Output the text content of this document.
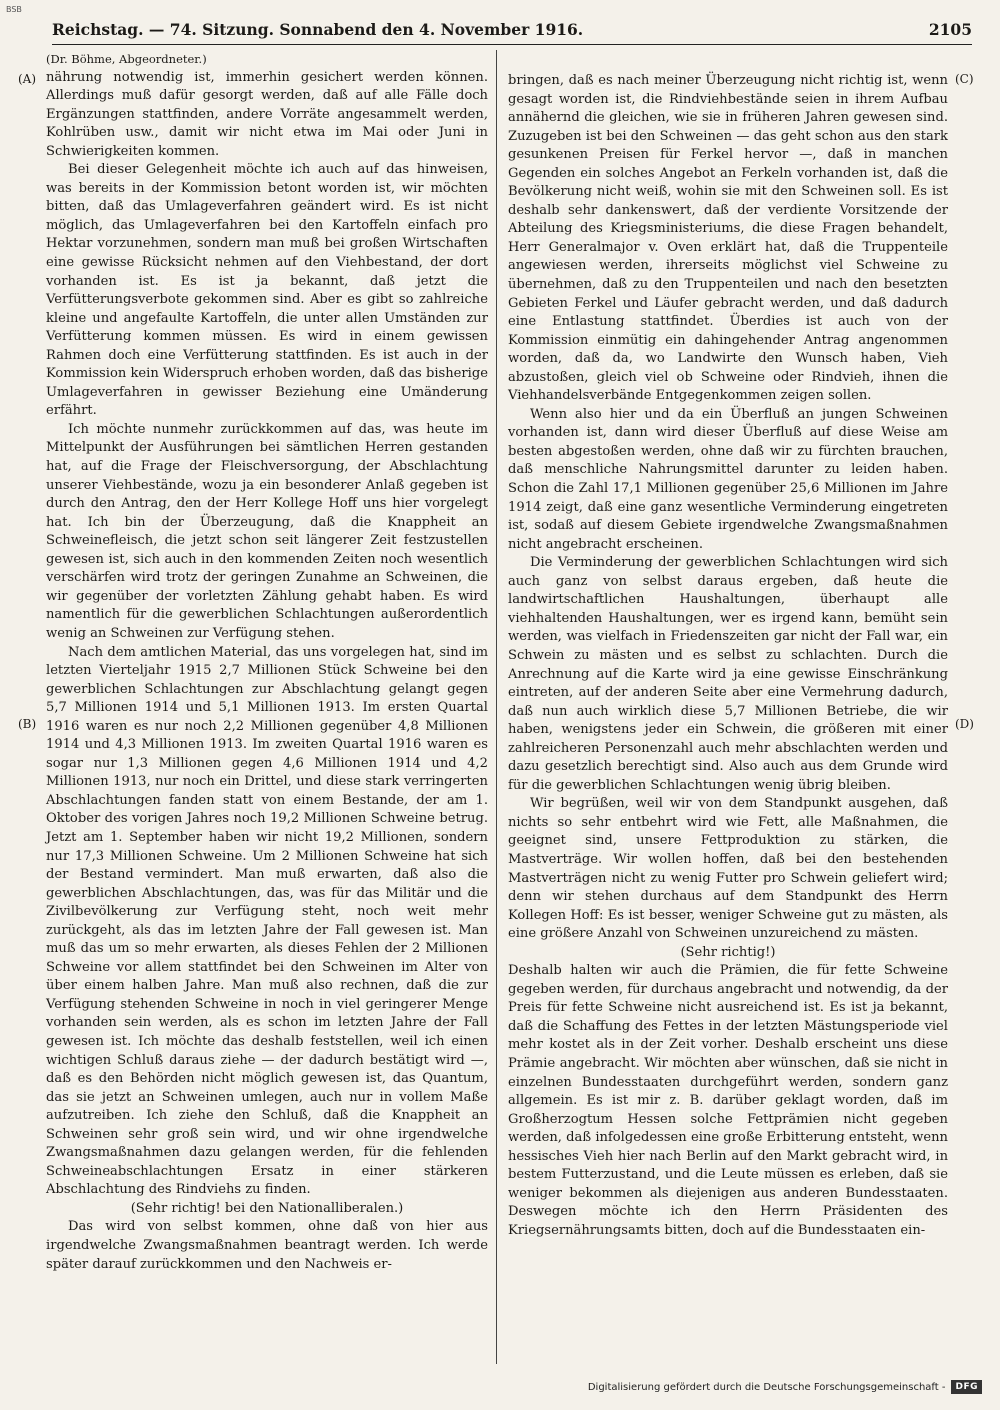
BSB
Reichstag. — 74. Sitzung. Sonnabend den 4. November 1916.	2105
(A)
(B)
(C)
(D)

(Dr. Böhme, Abgeordneter.)

nährung notwendig ist, immerhin gesichert werden können. Allerdings muß dafür gesorgt werden, daß auf alle Fälle doch Ergänzungen stattfinden, andere Vorräte angesammelt werden, Kohlrüben usw., damit wir nicht etwa im Mai oder Juni in Schwierigkeiten kommen.

Bei dieser Gelegenheit möchte ich auch auf das hinweisen, was bereits in der Kommission betont worden ist, wir möchten bitten, daß das Umlageverfahren geändert wird. Es ist nicht möglich, das Umlageverfahren bei den Kartoffeln einfach pro Hektar vorzunehmen, sondern man muß bei großen Wirtschaften eine gewisse Rücksicht nehmen auf den Viehbestand, der dort vorhanden ist. Es ist ja bekannt, daß jetzt die Verfütterungsverbote gekommen sind. Aber es gibt so zahlreiche kleine und angefaulte Kartoffeln, die unter allen Umständen zur Verfütterung kommen müssen. Es wird in einem gewissen Rahmen doch eine Verfütterung stattfinden. Es ist auch in der Kommission kein Widerspruch erhoben worden, daß das bisherige Umlageverfahren in gewisser Beziehung eine Umänderung erfährt.

Ich möchte nunmehr zurückkommen auf das, was heute im Mittelpunkt der Ausführungen bei sämtlichen Herren gestanden hat, auf die Frage der Fleischversorgung, der Abschlachtung unserer Viehbestände, wozu ja ein besonderer Anlaß gegeben ist durch den Antrag, den der Herr Kollege Hoff uns hier vorgelegt hat. Ich bin der Überzeugung, daß die Knappheit an Schweinefleisch, die jetzt schon seit längerer Zeit festzustellen gewesen ist, sich auch in den kommenden Zeiten noch wesentlich verschärfen wird trotz der geringen Zunahme an Schweinen, die wir gegenüber der vorletzten Zählung gehabt haben. Es wird namentlich für die gewerblichen Schlachtungen außerordentlich wenig an Schweinen zur Verfügung stehen.

Nach dem amtlichen Material, das uns vorgelegen hat, sind im letzten Vierteljahr 1915 2,7 Millionen Stück Schweine bei den gewerblichen Schlachtungen zur Abschlachtung gelangt gegen 5,7 Millionen 1914 und 5,1 Millionen 1913. Im ersten Quartal 1916 waren es nur noch 2,2 Millionen gegenüber 4,8 Millionen 1914 und 4,3 Millionen 1913. Im zweiten Quartal 1916 waren es sogar nur 1,3 Millionen gegen 4,6 Millionen 1914 und 4,2 Millionen 1913, nur noch ein Drittel, und diese stark verringerten Abschlachtungen fanden statt von einem Bestande, der am 1. Oktober des vorigen Jahres noch 19,2 Millionen Schweine betrug. Jetzt am 1. September haben wir nicht 19,2 Millionen, sondern nur 17,3 Millionen Schweine. Um 2 Millionen Schweine hat sich der Bestand vermindert. Man muß erwarten, daß also die gewerblichen Abschlachtungen, das, was für das Militär und die Zivilbevölkerung zur Verfügung steht, noch weit mehr zurückgeht, als das im letzten Jahre der Fall gewesen ist. Man muß das um so mehr erwarten, als dieses Fehlen der 2 Millionen Schweine vor allem stattfindet bei den Schweinen im Alter von über einem halben Jahre. Man muß also rechnen, daß die zur Verfügung stehenden Schweine in noch in viel geringerer Menge vorhanden sein werden, als es schon im letzten Jahre der Fall gewesen ist. Ich möchte das deshalb feststellen, weil ich einen wichtigen Schluß daraus ziehe — der dadurch bestätigt wird —, daß es den Behörden nicht möglich gewesen ist, das Quantum, das sie jetzt an Schweinen umlegen, auch nur in vollem Maße aufzutreiben. Ich ziehe den Schluß, daß die Knappheit an Schweinen sehr groß sein wird, und wir ohne irgendwelche Zwangsmaßnahmen dazu gelangen werden, für die fehlenden Schweineabschlachtungen Ersatz in einer stärkeren Abschlachtung des Rindviehs zu finden.

(Sehr richtig! bei den Nationalliberalen.)

Das wird von selbst kommen, ohne daß von hier aus irgendwelche Zwangsmaßnahmen beantragt werden. Ich werde später darauf zurückkommen und den Nachweis er-

bringen, daß es nach meiner Überzeugung nicht richtig ist, wenn gesagt worden ist, die Rindviehbestände seien in ihrem Aufbau annähernd die gleichen, wie sie in früheren Jahren gewesen sind. Zuzugeben ist bei den Schweinen — das geht schon aus den stark gesunkenen Preisen für Ferkel hervor —, daß in manchen Gegenden ein solches Angebot an Ferkeln vorhanden ist, daß die Bevölkerung nicht weiß, wohin sie mit den Schweinen soll. Es ist deshalb sehr dankenswert, daß der verdiente Vorsitzende der Abteilung des Kriegsministeriums, die diese Fragen behandelt, Herr Generalmajor v. Oven erklärt hat, daß die Truppenteile angewiesen werden, ihrerseits möglichst viel Schweine zu übernehmen, daß zu den Truppenteilen und nach den besetzten Gebieten Ferkel und Läufer gebracht werden, und daß dadurch eine Entlastung stattfindet. Überdies ist auch von der Kommission einmütig ein dahingehender Antrag angenommen worden, daß da, wo Landwirte den Wunsch haben, Vieh abzustoßen, gleich viel ob Schweine oder Rindvieh, ihnen die Viehhandelsverbände Entgegenkommen zeigen sollen.

Wenn also hier und da ein Überfluß an jungen Schweinen vorhanden ist, dann wird dieser Überfluß auf diese Weise am besten abgestoßen werden, ohne daß wir zu fürchten brauchen, daß menschliche Nahrungsmittel darunter zu leiden haben. Schon die Zahl 17,1 Millionen gegenüber 25,6 Millionen im Jahre 1914 zeigt, daß eine ganz wesentliche Verminderung eingetreten ist, sodaß auf diesem Gebiete irgendwelche Zwangsmaßnahmen nicht angebracht erscheinen.

Die Verminderung der gewerblichen Schlachtungen wird sich auch ganz von selbst daraus ergeben, daß heute die landwirtschaftlichen Haushaltungen, überhaupt alle viehhaltenden Haushaltungen, wer es irgend kann, bemüht sein werden, was vielfach in Friedenszeiten gar nicht der Fall war, ein Schwein zu mästen und es selbst zu schlachten. Durch die Anrechnung auf die Karte wird ja eine gewisse Einschränkung eintreten, auf der anderen Seite aber eine Vermehrung dadurch, daß nun auch wirklich diese 5,7 Millionen Betriebe, die wir haben, wenigstens jeder ein Schwein, die größeren mit einer zahlreicheren Personenzahl auch mehr abschlachten werden und dazu gesetzlich berechtigt sind. Also auch aus dem Grunde wird für die gewerblichen Schlachtungen wenig übrig bleiben.

Wir begrüßen, weil wir von dem Standpunkt ausgehen, daß nichts so sehr entbehrt wird wie Fett, alle Maßnahmen, die geeignet sind, unsere Fettproduktion zu stärken, die Mastverträge. Wir wollen hoffen, daß bei den bestehenden Mastverträgen nicht zu wenig Futter pro Schwein geliefert wird; denn wir stehen durchaus auf dem Standpunkt des Herrn Kollegen Hoff: Es ist besser, weniger Schweine gut zu mästen, als eine größere Anzahl von Schweinen unzureichend zu mästen.

(Sehr richtig!)

Deshalb halten wir auch die Prämien, die für fette Schweine gegeben werden, für durchaus angebracht und notwendig, da der Preis für fette Schweine nicht ausreichend ist. Es ist ja bekannt, daß die Schaffung des Fettes in der letzten Mästungsperiode viel mehr kostet als in der Zeit vorher. Deshalb erscheint uns diese Prämie angebracht. Wir möchten aber wünschen, daß sie nicht in einzelnen Bundesstaaten durchgeführt werden, sondern ganz allgemein. Es ist mir z. B. darüber geklagt worden, daß im Großherzogtum Hessen solche Fettprämien nicht gegeben werden, daß infolgedessen eine große Erbitterung entsteht, wenn hessisches Vieh hier nach Berlin auf den Markt gebracht wird, in bestem Futterzustand, und die Leute müssen es erleben, daß sie weniger bekommen als diejenigen aus anderen Bundesstaaten. Deswegen möchte ich den Herrn Präsidenten des Kriegsernährungsamts bitten, doch auf die Bundesstaaten ein-

Digitalisierung gefördert durch die Deutsche Forschungsgemeinschaft -	DFG
